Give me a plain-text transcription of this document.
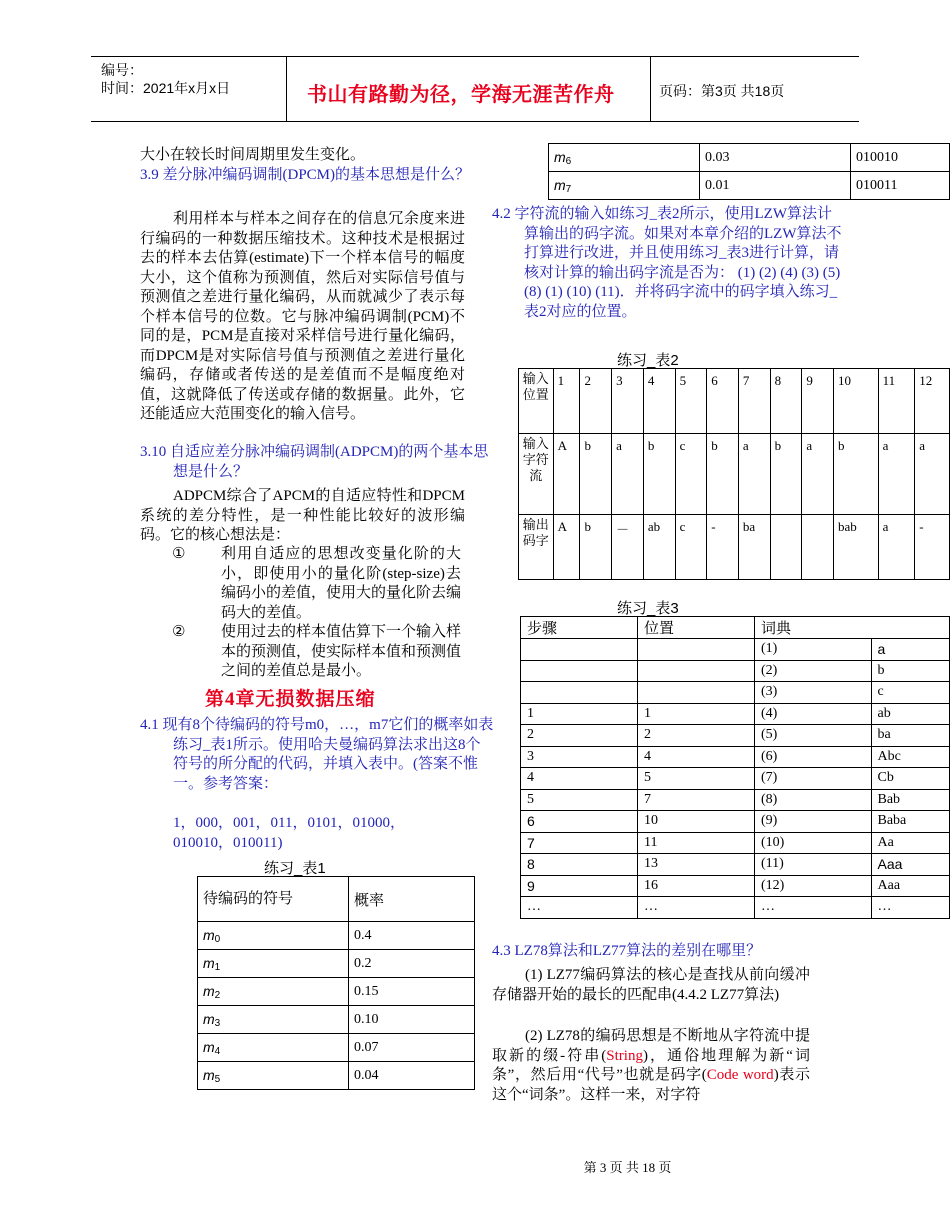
编号：
时间：2021年x月x日	书山有路勤为径，学海无涯苦作舟	页码：第3页 共18页
大小在较长时间周期里发生变化。
3.9 差分脉冲编码调制(DPCM)的基本思想是什么？
利用样本与样本之间存在的信息冗余度来进行编码的一种数据压缩技术。这种技术是根据过去的样本去估算(estimate)下一个样本信号的幅度大小，这个值称为预测值，然后对实际信号值与预测值之差进行量化编码，从而就减少了表示每个样本信号的位数。它与脉冲编码调制(PCM)不同的是，PCM是直接对采样信号进行量化编码，而DPCM是对实际信号值与预测值之差进行量化编码，存储或者传送的是差值而不是幅度绝对值，这就降低了传送或存储的数据量。此外，它还能适应大范围变化的输入信号。
3.10 自适应差分脉冲编码调制(ADPCM)的两个基本思想是什么？
ADPCM综合了APCM的自适应特性和DPCM系统的差分特性，是一种性能比较好的波形编码。它的核心想法是：
① 利用自适应的思想改变量化阶的大小，即使用小的量化阶(step-size)去编码小的差值，使用大的量化阶去编码大的差值。
② 使用过去的样本值估算下一个输入样本的预测值，使实际样本值和预测值之间的差值总是最小。
第4章无损数据压缩
4.1 现有8个待编码的符号m0，…，m7它们的概率如表练习_表1所示。使用哈夫曼编码算法求出这8个符号的所分配的代码，并填入表中。(答案不惟一。参考答案：
1，000，001，011，0101，01000，010010，010011)
练习_表1
待编码的符号	概率
$m_0$	0.4
$m_1$	0.2
$m_2$	0.15
$m_3$	0.10
$m_4$	0.07
$m_5$	0.04
$m_6$	0.03	010010
$m_7$	0.01	010011
4.2 字符流的输入如练习_表2所示，使用LZW算法计算输出的码字流。如果对本章介绍的LZW算法不打算进行改进，并且使用练习_表3进行计算，请核对计算的输出码字流是否为： (1) (2) (4) (3) (5) (8) (1) (10) (11)．并将码字流中的码字填入练习_表2对应的位置。
练习_表2
输入位置	1	2	3	4	5	6	7	8	9	10	11	12
输入字符流	A	b	a	b	c	b	a	b	a	b	a	a
输出码字	A	b	－	ab	c	-	ba			bab	a	-
练习_表3
步骤	位置	词典	
		(1)	a
		(2)	b
		(3)	c
1	1	(4)	ab
2	2	(5)	ba
3	4	(6)	Abc
4	5	(7)	Cb
5	7	(8)	Bab
6	10	(9)	Baba
7	11	(10)	Aa
8	13	(11)	Aaa
9	16	(12)	Aaa
…	…	…	…
4.3 LZ78算法和LZ77算法的差别在哪里？
(1) LZ77编码算法的核心是查找从前向缓冲存储器开始的最长的匹配串(4.4.2 LZ77算法)
(2) LZ78的编码思想是不断地从字符流中提取新的缀-符串(String)，通俗地理解为新“词条”，然后用“代号”也就是码字(Code word)表示这个“词条”。这样一来，对字符
第 3 页 共 18 页
